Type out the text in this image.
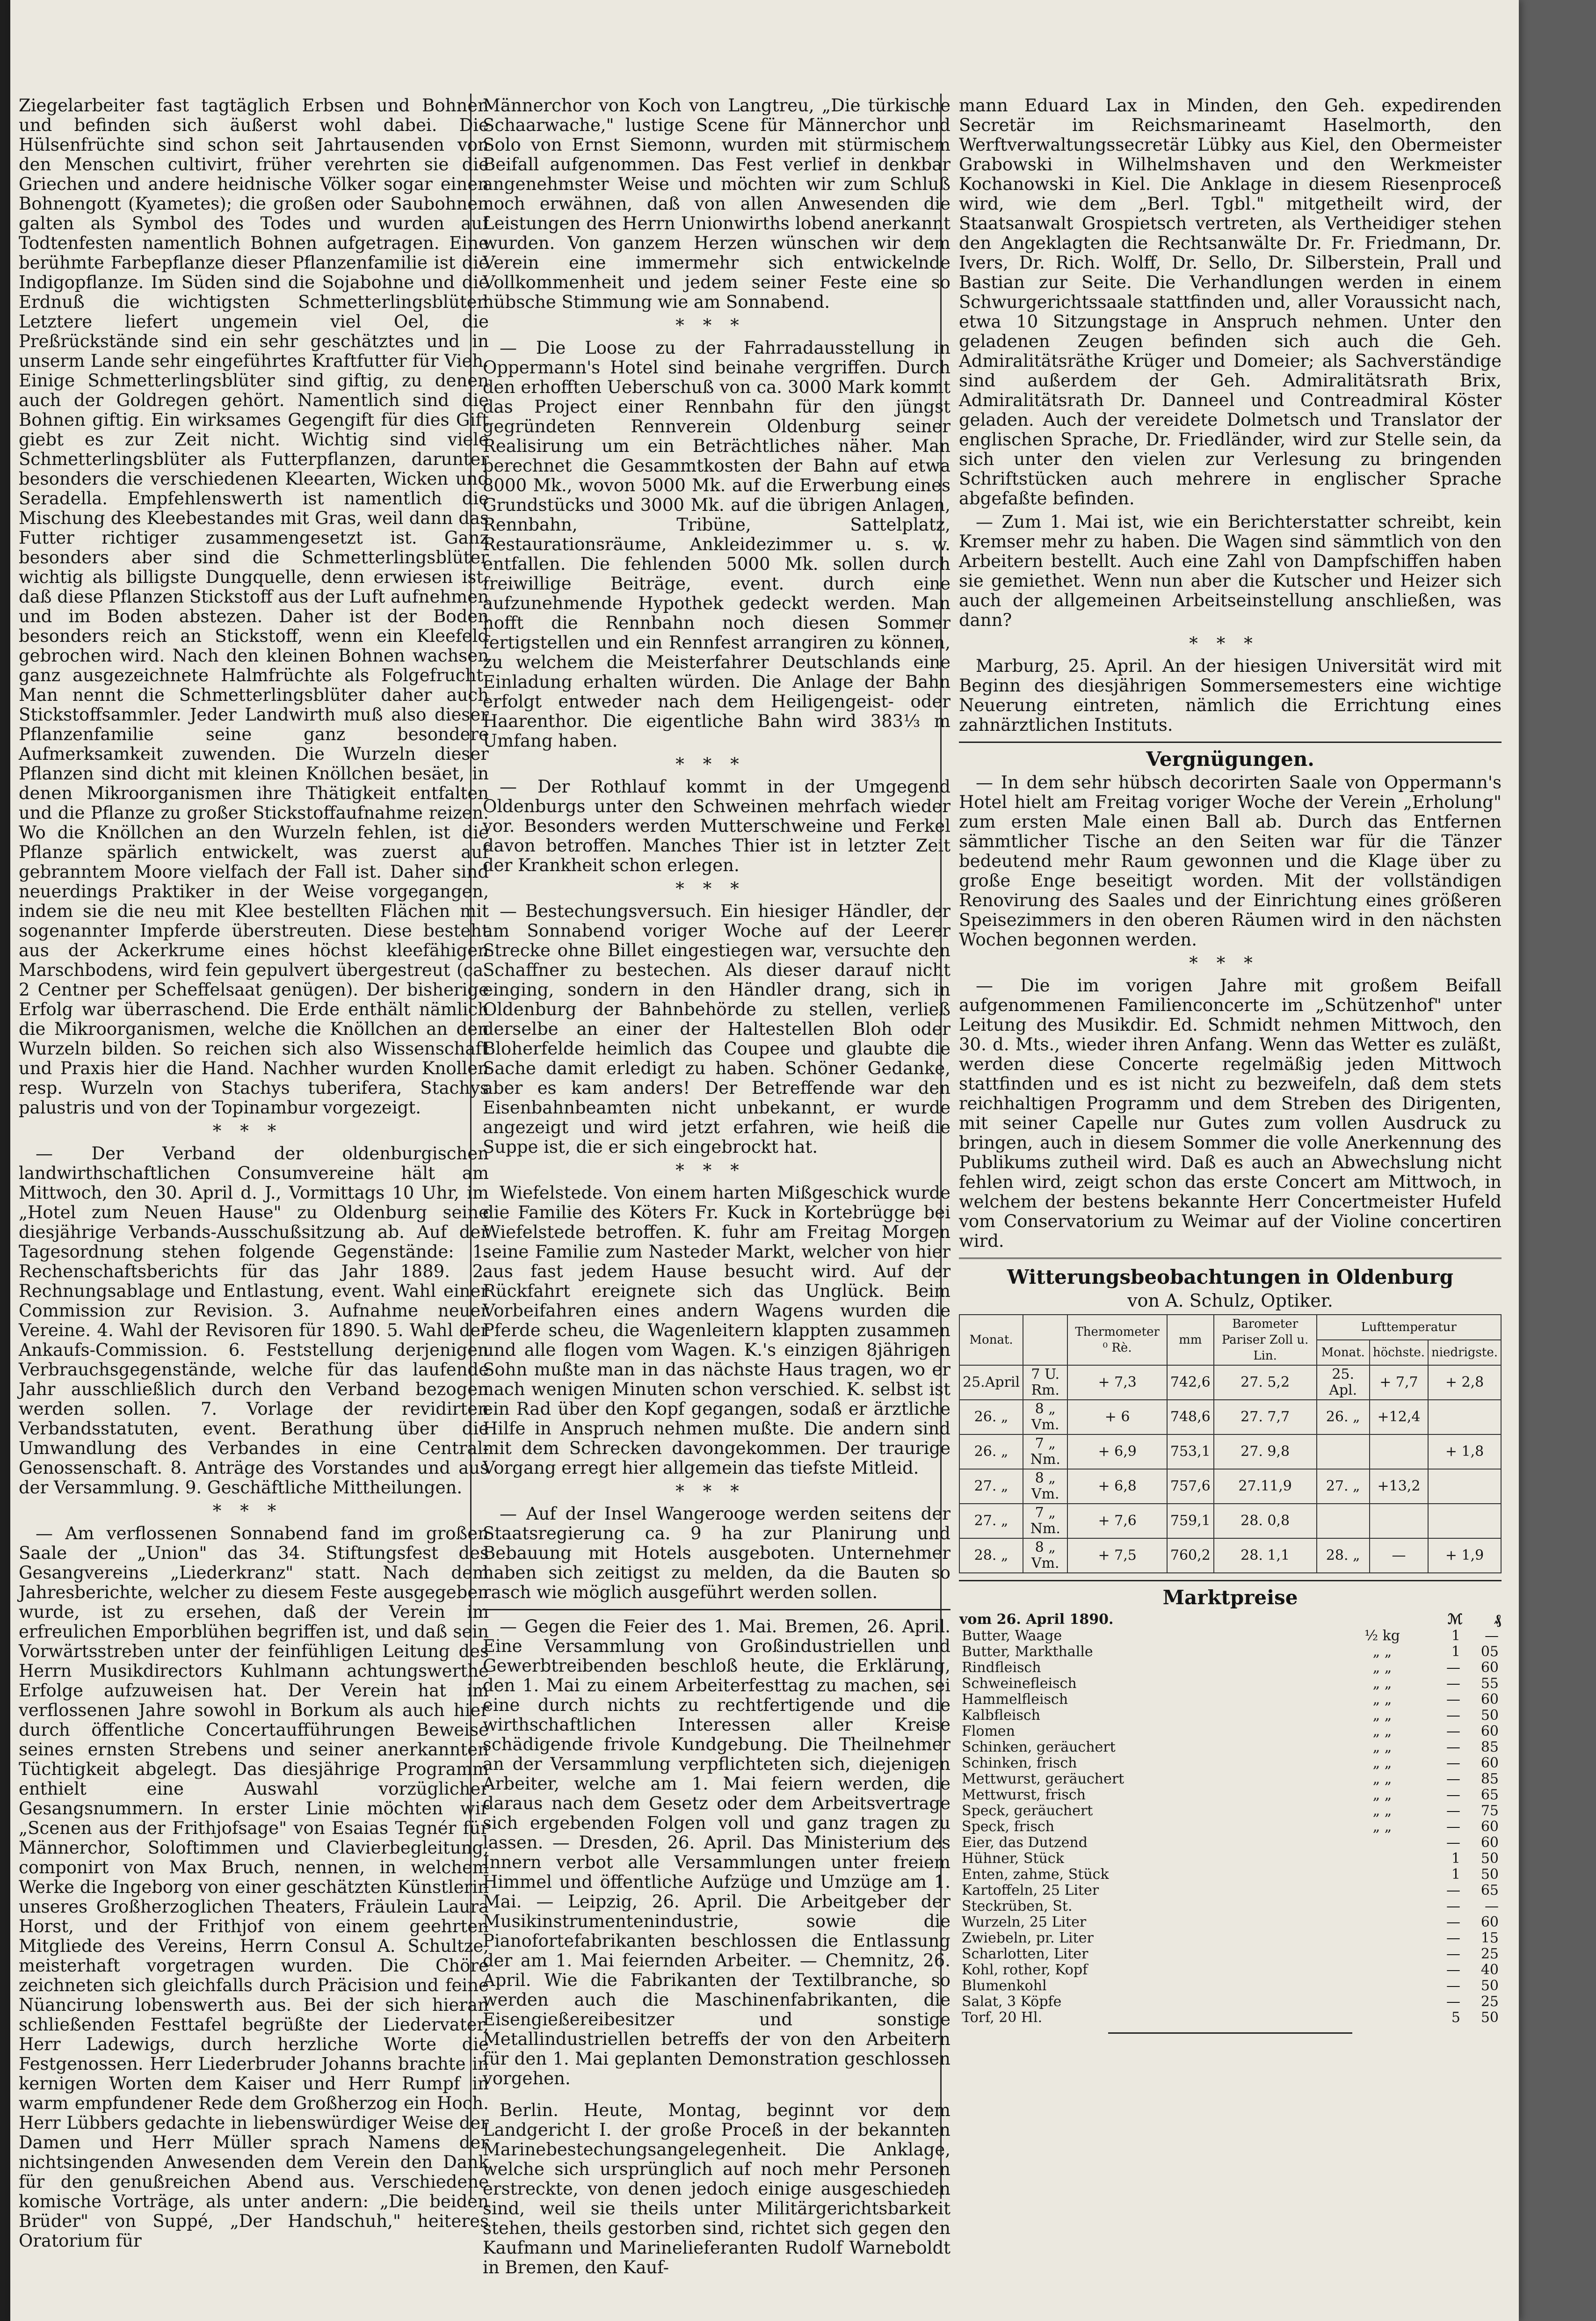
Ziegelarbeiter fast tagtäglich Erbsen und Bohnen und befinden sich äußerst wohl dabei. Die Hülsenfrüchte sind schon seit Jahrtausenden von den Menschen cultivirt, früher verehrten sie die Griechen und andere heidnische Völker sogar einen Bohnengott (Kyametes); die großen oder Saubohnen galten als Symbol des Todes und wurden auf Todtenfesten namentlich Bohnen aufgetragen. Eine berühmte Farbepflanze dieser Pflanzenfamilie ist die Indigopflanze. Im Süden sind die Sojabohne und die Erdnuß die wichtigsten Schmetterlingsblüter. Letztere liefert ungemein viel Oel, die Preßrückstände sind ein sehr geschätztes und in unserm Lande sehr eingeführtes Kraftfutter für Vieh. Einige Schmetterlingsblüter sind giftig, zu denen auch der Goldregen gehört. Namentlich sind die Bohnen giftig. Ein wirksames Gegengift für dies Gift giebt es zur Zeit nicht. Wichtig sind viele Schmetterlingsblüter als Futterpflanzen, darunter besonders die verschiedenen Kleearten, Wicken und Seradella. Empfehlenswerth ist namentlich die Mischung des Kleebestandes mit Gras, weil dann das Futter richtiger zusammengesetzt ist. Ganz besonders aber sind die Schmetterlingsblüter wichtig als billigste Dungquelle, denn erwiesen ist, daß diese Pflanzen Stickstoff aus der Luft aufnehmen und im Boden abstezen. Daher ist der Boden besonders reich an Stickstoff, wenn ein Kleefeld gebrochen wird. Nach den kleinen Bohnen wachsen ganz ausgezeichnete Halmfrüchte als Folgefrucht. Man nennt die Schmetterlingsblüter daher auch Stickstoffsammler. Jeder Landwirth muß also dieser Pflanzenfamilie seine ganz besondere Aufmerksamkeit zuwenden. Die Wurzeln dieser Pflanzen sind dicht mit kleinen Knöllchen besäet, in denen Mikroorganismen ihre Thätigkeit entfalten und die Pflanze zu großer Stickstoffaufnahme reizen. Wo die Knöllchen an den Wurzeln fehlen, ist die Pflanze spärlich entwickelt, was zuerst auf gebranntem Moore vielfach der Fall ist. Daher sind neuerdings Praktiker in der Weise vorgegangen, indem sie die neu mit Klee bestellten Flächen mit sogenannter Impferde überstreuten. Diese besteht aus der Ackerkrume eines höchst kleefähigen Marschbodens, wird fein gepulvert übergestreut (ca. 2 Centner per Scheffelsaat genügen). Der bisherige Erfolg war überraschend. Die Erde enthält nämlich die Mikroorganismen, welche die Knöllchen an den Wurzeln bilden. So reichen sich also Wissenschaft und Praxis hier die Hand. Nachher wurden Knollen resp. Wurzeln von Stachys tuberifera, Stachys palustris und von der Topinambur vorgezeigt.

***

— Der Verband der oldenburgischen landwirthschaftlichen Consumvereine hält am Mittwoch, den 30. April d. J., Vormittags 10 Uhr, im „Hotel zum Neuen Hause" zu Oldenburg seine diesjährige Verbands-Ausschußsitzung ab. Auf der Tagesordnung stehen folgende Gegenstände: 1. Rechenschaftsberichts für das Jahr 1889. 2. Rechnungsablage und Entlastung, event. Wahl einer Commission zur Revision. 3. Aufnahme neuer Vereine. 4. Wahl der Revisoren für 1890. 5. Wahl der Ankaufs-Commission. 6. Feststellung derjenigen Verbrauchsgegenstände, welche für das laufende Jahr ausschließlich durch den Verband bezogen werden sollen. 7. Vorlage der revidirten Verbandsstatuten, event. Berathung über die Umwandlung des Verbandes in eine Central-Genossenschaft. 8. Anträge des Vorstandes und aus der Versammlung. 9. Geschäftliche Mittheilungen.

***

— Am verflossenen Sonnabend fand im großen Saale der „Union" das 34. Stiftungsfest des Gesangvereins „Liederkranz" statt. Nach dem Jahresberichte, welcher zu diesem Feste ausgegeben wurde, ist zu ersehen, daß der Verein im erfreulichen Emporblühen begriffen ist, und daß sein Vorwärtsstreben unter der feinfühligen Leitung des Herrn Musikdirectors Kuhlmann achtungswerthe Erfolge aufzuweisen hat. Der Verein hat im verflossenen Jahre sowohl in Borkum als auch hier durch öffentliche Concertaufführungen Beweise seines ernsten Strebens und seiner anerkannten Tüchtigkeit abgelegt. Das diesjährige Programm enthielt eine Auswahl vorzüglicher Gesangsnummern. In erster Linie möchten wir „Scenen aus der Frithjofsage" von Esaias Tegnér für Männerchor, Soloftimmen und Clavierbegleitung, componirt von Max Bruch, nennen, in welchem Werke die Ingeborg von einer geschätzten Künstlerin unseres Großherzoglichen Theaters, Fräulein Laura Horst, und der Frithjof von einem geehrten Mitgliede des Vereins, Herrn Consul A. Schultze, meisterhaft vorgetragen wurden. Die Chöre zeichneten sich gleichfalls durch Präcision und feine Nüancirung lobenswerth aus. Bei der sich hieran schließenden Festtafel begrüßte der Liedervater, Herr Ladewigs, durch herzliche Worte die Festgenossen. Herr Liederbruder Johanns brachte in kernigen Worten dem Kaiser und Herr Rumpf in warm empfundener Rede dem Großherzog ein Hoch. Herr Lübbers gedachte in liebenswürdiger Weise der Damen und Herr Müller sprach Namens der nichtsingenden Anwesenden dem Verein den Dank für den genußreichen Abend aus. Verschiedene komische Vorträge, als unter andern: „Die beiden Brüder" von Suppé, „Der Handschuh," heiteres Oratorium für

Männerchor von Koch von Langtreu, „Die türkische Schaarwache," lustige Scene für Männerchor und Solo von Ernst Siemonn, wurden mit stürmischem Beifall aufgenommen. Das Fest verlief in denkbar angenehmster Weise und möchten wir zum Schluß noch erwähnen, daß von allen Anwesenden die Leistungen des Herrn Unionwirths lobend anerkannt wurden. Von ganzem Herzen wünschen wir dem Verein eine immermehr sich entwickelnde Vollkommenheit und jedem seiner Feste eine so hübsche Stimmung wie am Sonnabend.

***

— Die Loose zu der Fahrradausstellung in Oppermann's Hotel sind beinahe vergriffen. Durch den erhofften Ueberschuß von ca. 3000 Mark kommt das Project einer Rennbahn für den jüngst gegründeten Rennverein Oldenburg seiner Realisirung um ein Beträchtliches näher. Man berechnet die Gesammtkosten der Bahn auf etwa 8000 Mk., wovon 5000 Mk. auf die Erwerbung eines Grundstücks und 3000 Mk. auf die übrigen Anlagen, Rennbahn, Tribüne, Sattelplatz, Restaurationsräume, Ankleidezimmer u. s. w. entfallen. Die fehlenden 5000 Mk. sollen durch freiwillige Beiträge, event. durch eine aufzunehmende Hypothek gedeckt werden. Man hofft die Rennbahn noch diesen Sommer fertigstellen und ein Rennfest arrangiren zu können, zu welchem die Meisterfahrer Deutschlands eine Einladung erhalten würden. Die Anlage der Bahn erfolgt entweder nach dem Heiligengeist- oder Haarenthor. Die eigentliche Bahn wird 383⅓ m Umfang haben.

***

— Der Rothlauf kommt in der Umgegend Oldenburgs unter den Schweinen mehrfach wieder vor. Besonders werden Mutterschweine und Ferkel davon betroffen. Manches Thier ist in letzter Zeit der Krankheit schon erlegen.

***

— Bestechungsversuch. Ein hiesiger Händler, der am Sonnabend voriger Woche auf der Leerer Strecke ohne Billet eingestiegen war, versuchte den Schaffner zu bestechen. Als dieser darauf nicht einging, sondern in den Händler drang, sich in Oldenburg der Bahnbehörde zu stellen, verließ derselbe an einer der Haltestellen Bloh oder Bloherfelde heimlich das Coupee und glaubte die Sache damit erledigt zu haben. Schöner Gedanke, aber es kam anders! Der Betreffende war den Eisenbahnbeamten nicht unbekannt, er wurde angezeigt und wird jetzt erfahren, wie heiß die Suppe ist, die er sich eingebrockt hat.

***

Wiefelstede. Von einem harten Mißgeschick wurde die Familie des Köters Fr. Kuck in Kortebrügge bei Wiefelstede betroffen. K. fuhr am Freitag Morgen seine Familie zum Nasteder Markt, welcher von hier aus fast jedem Hause besucht wird. Auf der Rückfahrt ereignete sich das Unglück. Beim Vorbeifahren eines andern Wagens wurden die Pferde scheu, die Wagenleitern klappten zusammen und alle flogen vom Wagen. K.'s einzigen 8jährigen Sohn mußte man in das nächste Haus tragen, wo er nach wenigen Minuten schon verschied. K. selbst ist ein Rad über den Kopf gegangen, sodaß er ärztliche Hilfe in Anspruch nehmen mußte. Die andern sind mit dem Schrecken davongekommen. Der traurige Vorgang erregt hier allgemein das tiefste Mitleid.

***

— Auf der Insel Wangerooge werden seitens der Staatsregierung ca. 9 ha zur Planirung und Bebauung mit Hotels ausgeboten. Unternehmer haben sich zeitigst zu melden, da die Bauten so rasch wie möglich ausgeführt werden sollen.

— Gegen die Feier des 1. Mai. Bremen, 26. April. Eine Versammlung von Großindustriellen und Gewerbtreibenden beschloß heute, die Erklärung, den 1. Mai zu einem Arbeiterfesttag zu machen, sei eine durch nichts zu rechtfertigende und die wirthschaftlichen Interessen aller Kreise schädigende frivole Kundgebung. Die Theilnehmer an der Versammlung verpflichteten sich, diejenigen Arbeiter, welche am 1. Mai feiern werden, die daraus nach dem Gesetz oder dem Arbeitsvertrage sich ergebenden Folgen voll und ganz tragen zu lassen. — Dresden, 26. April. Das Ministerium des Innern verbot alle Versammlungen unter freiem Himmel und öffentliche Aufzüge und Umzüge am 1. Mai. — Leipzig, 26. April. Die Arbeitgeber der Musikinstrumentenindustrie, sowie die Pianofortefabrikanten beschlossen die Entlassung der am 1. Mai feiernden Arbeiter. — Chemnitz, 26. April. Wie die Fabrikanten der Textilbranche, so werden auch die Maschinenfabrikanten, die Eisengießereibesitzer und sonstige Metallindustriellen betreffs der von den Arbeitern für den 1. Mai geplanten Demonstration geschlossen vorgehen.

Berlin. Heute, Montag, beginnt vor dem Landgericht I. der große Proceß in der bekannten Marinebestechungsangelegenheit. Die Anklage, welche sich ursprünglich auf noch mehr Personen erstreckte, von denen jedoch einige ausgeschieden sind, weil sie theils unter Militärgerichtsbarkeit stehen, theils gestorben sind, richtet sich gegen den Kaufmann und Marinelieferanten Rudolf Warneboldt in Bremen, den Kauf-

mann Eduard Lax in Minden, den Geh. expedirenden Secretär im Reichsmarineamt Haselmorth, den Werftverwaltungssecretär Lübky aus Kiel, den Obermeister Grabowski in Wilhelmshaven und den Werkmeister Kochanowski in Kiel. Die Anklage in diesem Riesenproceß wird, wie dem „Berl. Tgbl." mitgetheilt wird, der Staatsanwalt Grospietsch vertreten, als Vertheidiger stehen den Angeklagten die Rechtsanwälte Dr. Fr. Friedmann, Dr. Ivers, Dr. Rich. Wolff, Dr. Sello, Dr. Silberstein, Prall und Bastian zur Seite. Die Verhandlungen werden in einem Schwurgerichtssaale stattfinden und, aller Voraussicht nach, etwa 10 Sitzungstage in Anspruch nehmen. Unter den geladenen Zeugen befinden sich auch die Geh. Admiralitätsräthe Krüger und Domeier; als Sachverständige sind außerdem der Geh. Admiralitätsrath Brix, Admiralitätsrath Dr. Danneel und Contreadmiral Köster geladen. Auch der vereidete Dolmetsch und Translator der englischen Sprache, Dr. Friedländer, wird zur Stelle sein, da sich unter den vielen zur Verlesung zu bringenden Schriftstücken auch mehrere in englischer Sprache abgefaßte befinden.

— Zum 1. Mai ist, wie ein Berichterstatter schreibt, kein Kremser mehr zu haben. Die Wagen sind sämmtlich von den Arbeitern bestellt. Auch eine Zahl von Dampfschiffen haben sie gemiethet. Wenn nun aber die Kutscher und Heizer sich auch der allgemeinen Arbeitseinstellung anschließen, was dann?

***

Marburg, 25. April. An der hiesigen Universität wird mit Beginn des diesjährigen Sommersemesters eine wichtige Neuerung eintreten, nämlich die Errichtung eines zahnärztlichen Instituts.

Vergnügungen.

— In dem sehr hübsch decorirten Saale von Oppermann's Hotel hielt am Freitag voriger Woche der Verein „Erholung" zum ersten Male einen Ball ab. Durch das Entfernen sämmtlicher Tische an den Seiten war für die Tänzer bedeutend mehr Raum gewonnen und die Klage über zu große Enge beseitigt worden. Mit der vollständigen Renovirung des Saales und der Einrichtung eines größeren Speisezimmers in den oberen Räumen wird in den nächsten Wochen begonnen werden.

***

— Die im vorigen Jahre mit großem Beifall aufgenommenen Familienconcerte im „Schützenhof" unter Leitung des Musikdir. Ed. Schmidt nehmen Mittwoch, den 30. d. Mts., wieder ihren Anfang. Wenn das Wetter es zuläßt, werden diese Concerte regelmäßig jeden Mittwoch stattfinden und es ist nicht zu bezweifeln, daß dem stets reichhaltigen Programm und dem Streben des Dirigenten, mit seiner Capelle nur Gutes zum vollen Ausdruck zu bringen, auch in diesem Sommer die volle Anerkennung des Publikums zutheil wird. Daß es auch an Abwechslung nicht fehlen wird, zeigt schon das erste Concert am Mittwoch, in welchem der bestens bekannte Herr Concertmeister Hufeld vom Conservatorium zu Weimar auf der Violine concertiren wird.

Witterungsbeobachtungen in Oldenburg
von A. Schulz, Optiker.
Monat.		Thermometer ⁰ Rè.	mm	Barometer Pariser Zoll u. Lin.	Lufttemperatur		
					Monat.	höchste.	niedrigste.
25.April	7 U. Rm.	+ 7,3	742,6	27. 5,2	25. Apl.	+ 7,7	+ 2,8
26. „	8 „ Vm.	+ 6	748,6	27. 7,7	26. „	+12,4	
26. „	7 „ Nm.	+ 6,9	753,1	27. 9,8			+ 1,8
27. „	8 „ Vm.	+ 6,8	757,6	27.11,9	27. „	+13,2	
27. „	7 „ Nm.	+ 7,6	759,1	28. 0,8			
28. „	8 „ Vm.	+ 7,5	760,2	28. 1,1	28. „	—	+ 1,9
Marktpreise
vom 26. April 1890.		ℳ	₰
Butter, Waage	⅟₂ kg	1	—
Butter, Markthalle	„ „	1	05
Rindfleisch	„ „	—	60
Schweinefleisch	„ „	—	55
Hammelfleisch	„ „	—	60
Kalbfleisch	„ „	—	50
Flomen	„ „	—	60
Schinken, geräuchert	„ „	—	85
Schinken, frisch	„ „	—	60
Mettwurst, geräuchert	„ „	—	85
Mettwurst, frisch	„ „	—	65
Speck, geräuchert	„ „	—	75
Speck, frisch	„ „	—	60
Eier, das Dutzend		—	60
Hühner, Stück		1	50
Enten, zahme, Stück		1	50
Kartoffeln, 25 Liter		—	65
Steckrüben, St.		—	—
Wurzeln, 25 Liter		—	60
Zwiebeln, pr. Liter		—	15
Scharlotten, Liter		—	25
Kohl, rother, Kopf		—	40
Blumenkohl		—	50
Salat, 3 Köpfe		—	25
Torf, 20 Hl.		5	50
